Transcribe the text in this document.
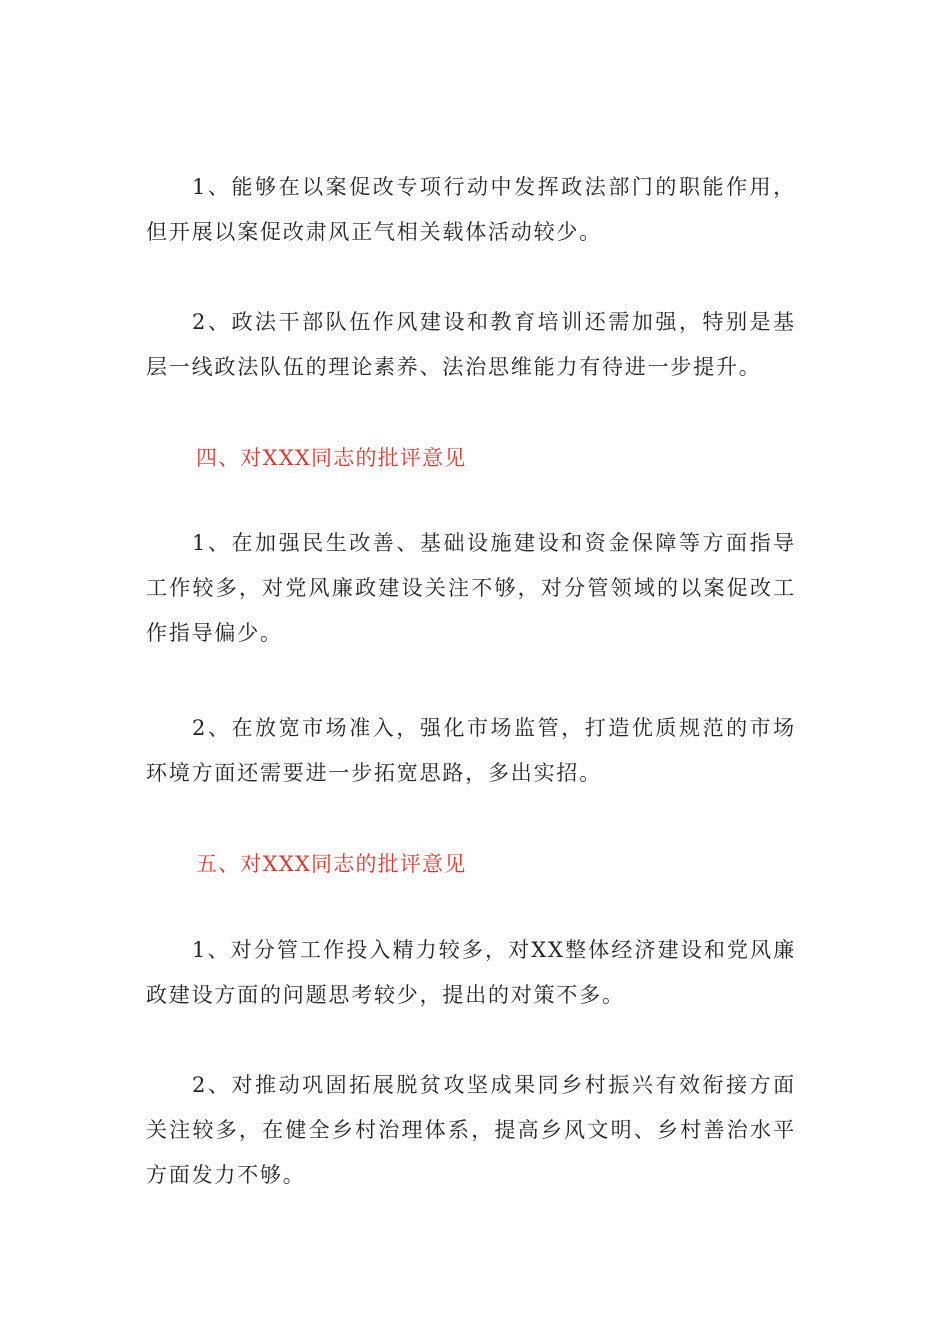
1、能够在以案促改专项行动中发挥政法部门的职能作用，但开展以案促改肃风正气相关载体活动较少。

2、政法干部队伍作风建设和教育培训还需加强，特别是基层一线政法队伍的理论素养、法治思维能力有待进一步提升。

四、对XXX同志的批评意见

1、在加强民生改善、基础设施建设和资金保障等方面指导工作较多，对党风廉政建设关注不够，对分管领域的以案促改工作指导偏少。

2、在放宽市场准入，强化市场监管，打造优质规范的市场环境方面还需要进一步拓宽思路，多出实招。

五、对XXX同志的批评意见

1、对分管工作投入精力较多，对XX整体经济建设和党风廉政建设方面的问题思考较少，提出的对策不多。

2、对推动巩固拓展脱贫攻坚成果同乡村振兴有效衔接方面关注较多，在健全乡村治理体系，提高乡风文明、乡村善治水平方面发力不够。
